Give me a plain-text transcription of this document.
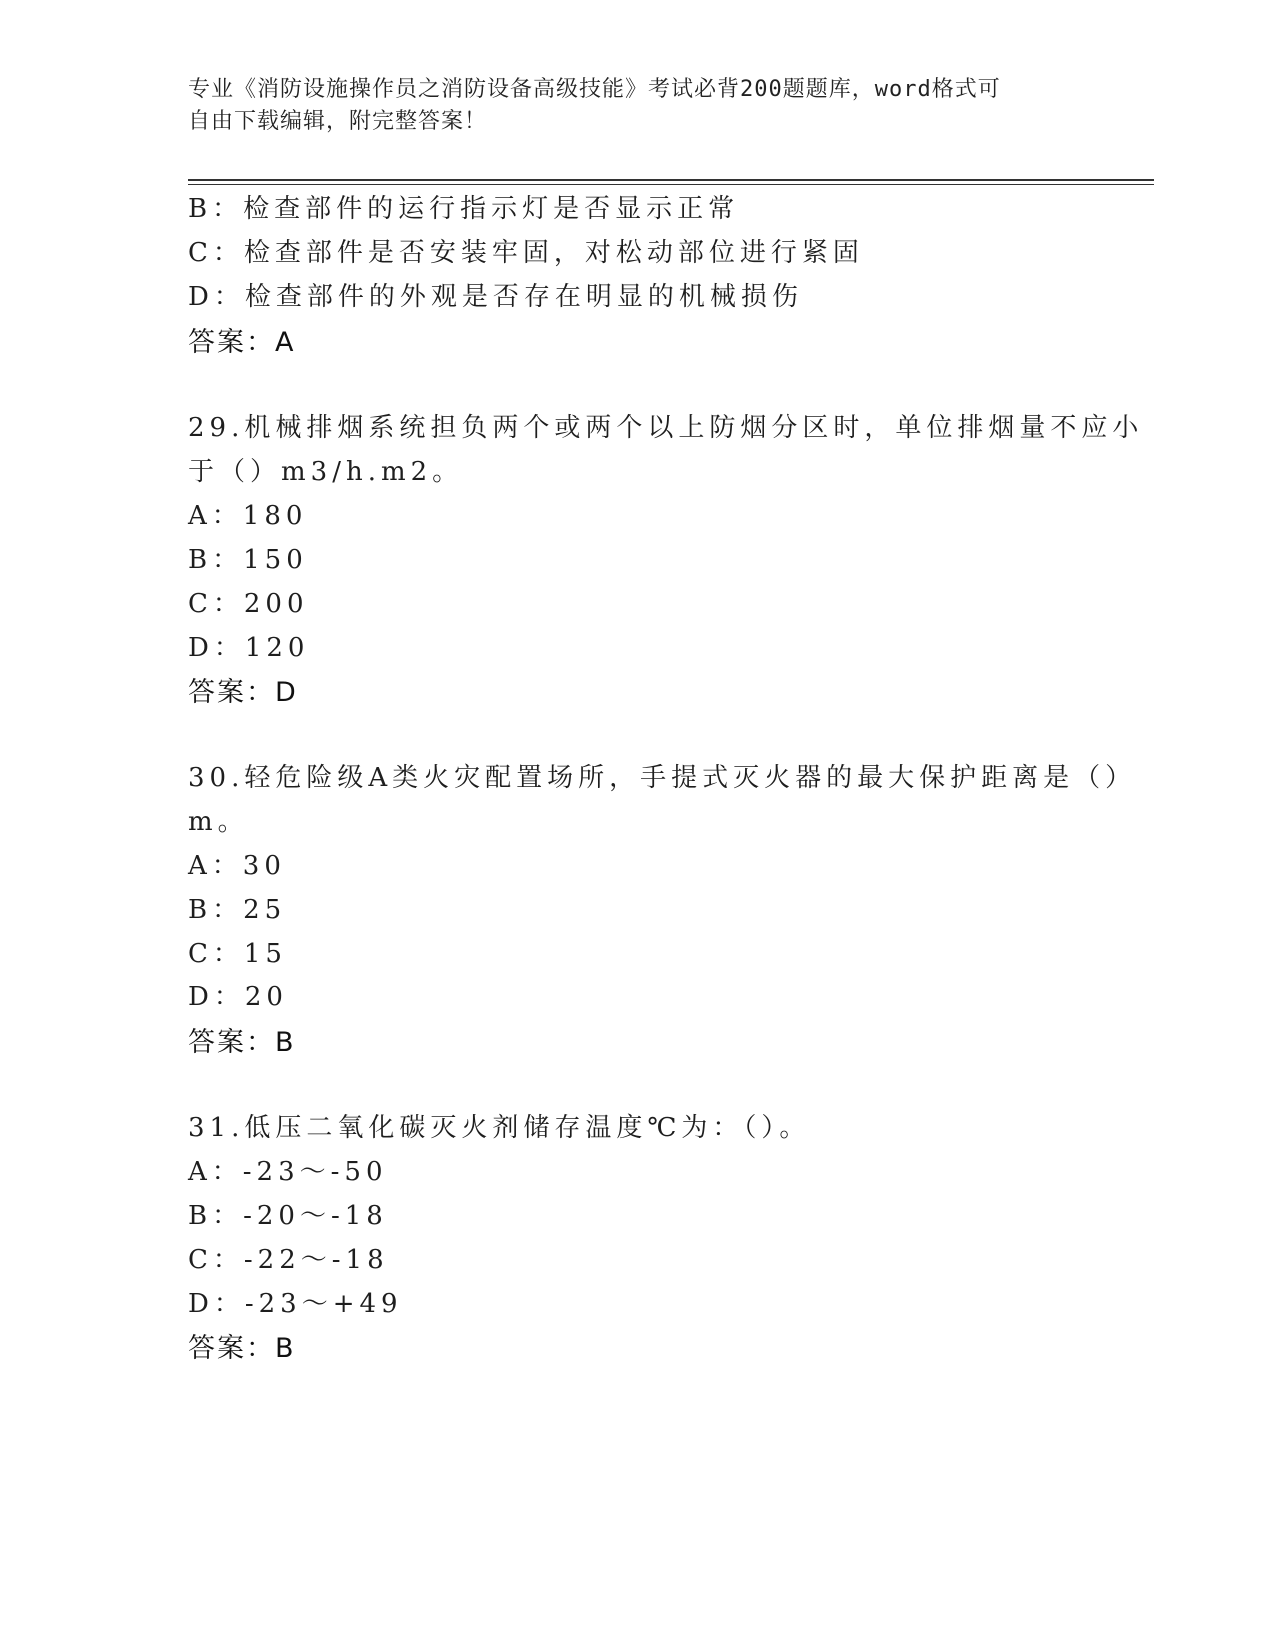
专业《消防设施操作员之消防设备高级技能》考试必背200题题库，word格式可
自由下载编辑，附完整答案！
B：检查部件的运行指示灯是否显示正常
C：检查部件是否安装牢固，对松动部位进行紧固
D：检查部件的外观是否存在明显的机械损伤
答案：A
29.机械排烟系统担负两个或两个以上防烟分区时，单位排烟量不应小
于（）m3/h.m2。
A：180
B：150
C：200
D：120
答案：D
30.轻危险级A类火灾配置场所，手提式灭火器的最大保护距离是（）
m。
A：30
B：25
C：15
D：20
答案：B
31.低压二氧化碳灭火剂储存温度℃为：（）。
A：-23～-50
B：-20～-18
C：-22～-18
D：-23～+49
答案：B
